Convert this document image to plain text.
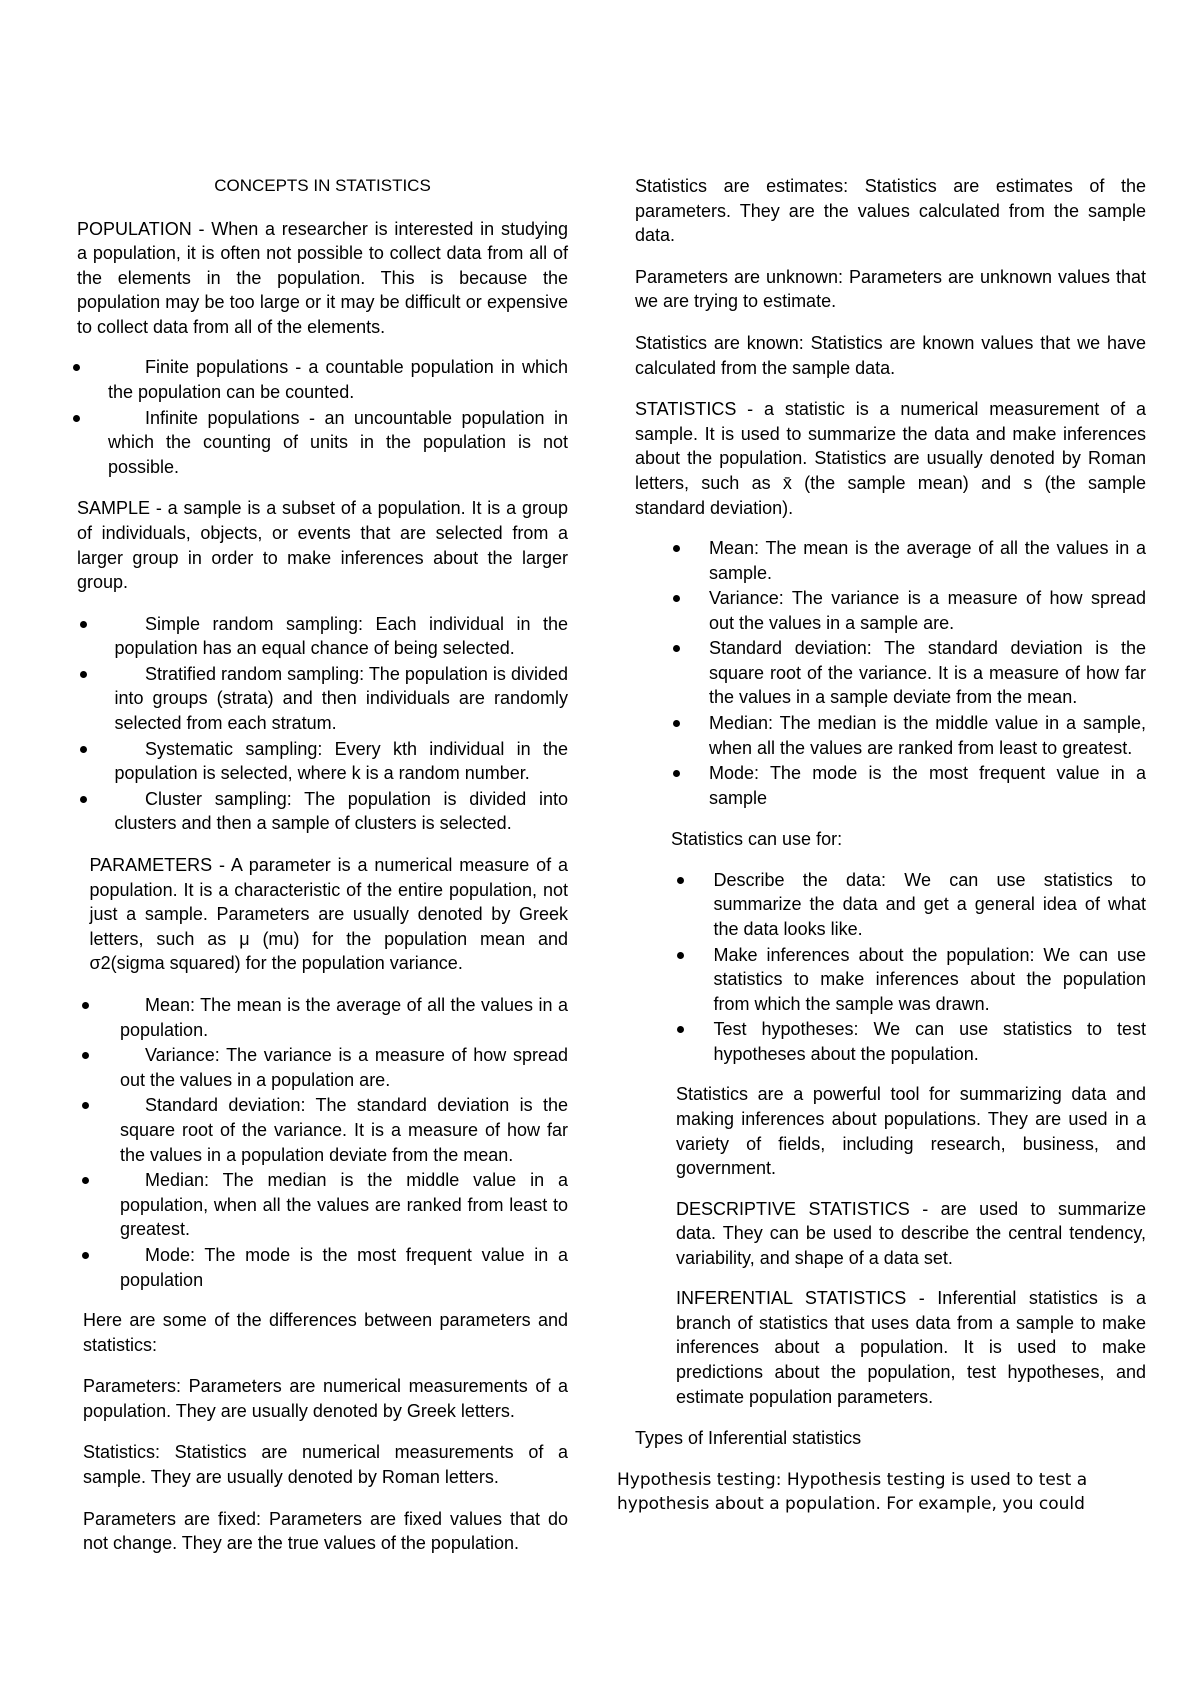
CONCEPTS IN STATISTICS

POPULATION - When a researcher is interested in studying a population, it is often not possible to collect data from all of the elements in the population. This is because the population may be too large or it may be difficult or expensive to collect data from all of the elements.

Finite populations - a countable population in which the population can be counted.
Infinite populations - an uncountable population in which the counting of units in the population is not possible.

SAMPLE - a sample is a subset of a population. It is a group of individuals, objects, or events that are selected from a larger group in order to make inferences about the larger group.

Simple random sampling: Each individual in the population has an equal chance of being selected.
Stratified random sampling: The population is divided into groups (strata) and then individuals are randomly selected from each stratum.
Systematic sampling: Every kth individual in the population is selected, where k is a random number.
Cluster sampling: The population is divided into clusters and then a sample of clusters is selected.

PARAMETERS - A parameter is a numerical measure of a population. It is a characteristic of the entire population, not just a sample. Parameters are usually denoted by Greek letters, such as μ (mu) for the population mean and σ2(sigma squared) for the population variance.

Mean: The mean is the average of all the values in a population.
Variance: The variance is a measure of how spread out the values in a population are.
Standard deviation: The standard deviation is the square root of the variance. It is a measure of how far the values in a population deviate from the mean.
Median: The median is the middle value in a population, when all the values are ranked from least to greatest.
Mode: The mode is the most frequent value in a population

Here are some of the differences between parameters and statistics:

Parameters: Parameters are numerical measurements of a population. They are usually denoted by Greek letters.

Statistics: Statistics are numerical measurements of a sample. They are usually denoted by Roman letters.

Parameters are fixed: Parameters are fixed values that do not change. They are the true values of the population.

Statistics are estimates: Statistics are estimates of the parameters. They are the values calculated from the sample data.

Parameters are unknown: Parameters are unknown values that we are trying to estimate.

Statistics are known: Statistics are known values that we have calculated from the sample data.

STATISTICS - a statistic is a numerical measurement of a sample. It is used to summarize the data and make inferences about the population. Statistics are usually denoted by Roman letters, such as x̄ (the sample mean) and s (the sample standard deviation).

Mean: The mean is the average of all the values in a sample.
Variance: The variance is a measure of how spread out the values in a sample are.
Standard deviation: The standard deviation is the square root of the variance. It is a measure of how far the values in a sample deviate from the mean.
Median: The median is the middle value in a sample, when all the values are ranked from least to greatest.
Mode: The mode is the most frequent value in a sample

Statistics can use for:

Describe the data: We can use statistics to summarize the data and get a general idea of what the data looks like.
Make inferences about the population: We can use statistics to make inferences about the population from which the sample was drawn.
Test hypotheses: We can use statistics to test hypotheses about the population.

Statistics are a powerful tool for summarizing data and making inferences about populations. They are used in a variety of fields, including research, business, and government.

DESCRIPTIVE STATISTICS - are used to summarize data. They can be used to describe the central tendency, variability, and shape of a data set.

INFERENTIAL STATISTICS - Inferential statistics is a branch of statistics that uses data from a sample to make inferences about a population. It is used to make predictions about the population, test hypotheses, and estimate population parameters.

Types of Inferential statistics

Hypothesis testing: Hypothesis testing is used to test a hypothesis about a population. For example, you could
